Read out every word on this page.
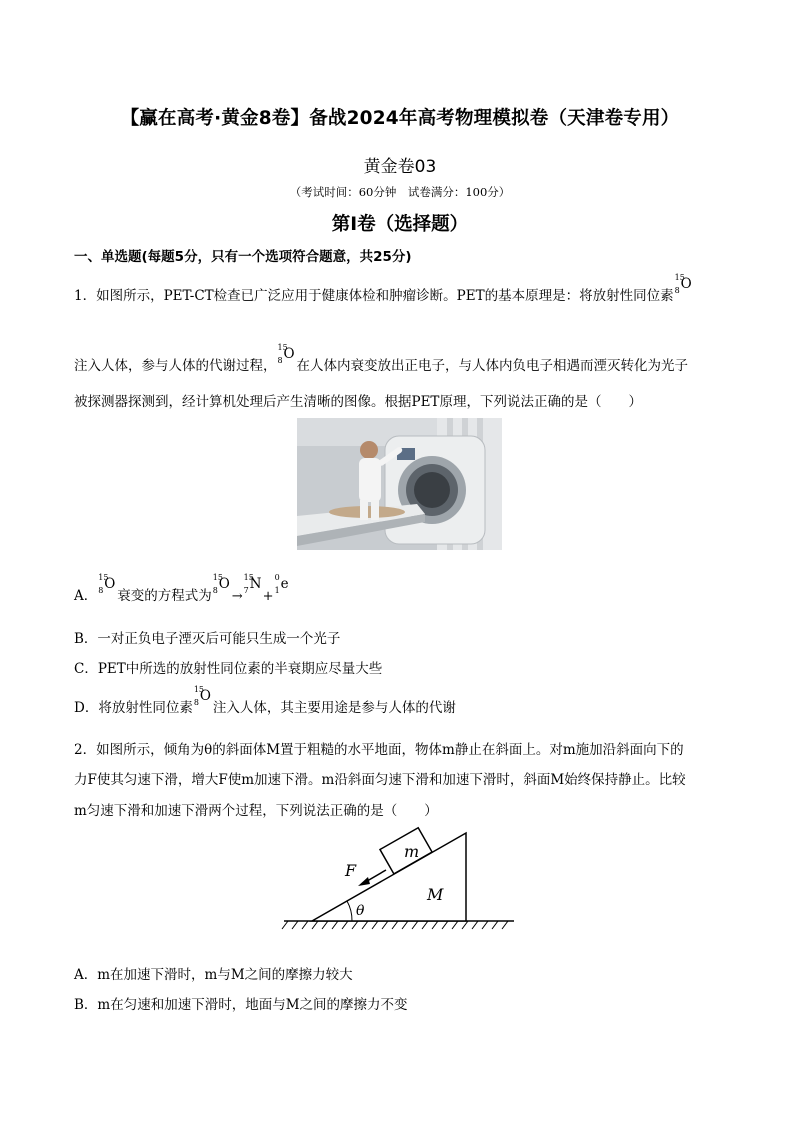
【赢在高考·黄金8卷】备战2024年高考物理模拟卷（天津卷专用）
黄金卷03
（考试时间：60分钟　试卷满分：100分）
第I卷（选择题）
一、单选题(每题5分，只有一个选项符合题意，共25分)
1．如图所示，PET-CT检查已广泛应用于健康体检和肿瘤诊断。PET的基本原理是：将放射性同位素
15
8 O
注入人体，参与人体的代谢过程，
15
8 O
在人体内衰变放出正电子，与人体内负电子相遇而湮灭转化为光子
被探测器探测到，经计算机处理后产生清晰的图像。根据PET原理，下列说法正确的是（　　）
A．
15
8 O
衰变的方程式为
15
8 O
→
15
7 N
+
0
1 e
B．一对正负电子湮灭后可能只生成一个光子
C．PET中所选的放射性同位素的半衰期应尽量大些
D．将放射性同位素
15
8 O
注入人体，其主要用途是参与人体的代谢
2．如图所示，倾角为θ的斜面体M置于粗糙的水平地面，物体m静止在斜面上。对m施加沿斜面向下的
力F使其匀速下滑，增大F使m加速下滑。m沿斜面匀速下滑和加速下滑时，斜面M始终保持静止。比较
m匀速下滑和加速下滑两个过程，下列说法正确的是（　　）
m
F
M
θ
A．m在加速下滑时，m与M之间的摩擦力较大
B．m在匀速和加速下滑时，地面与M之间的摩擦力不变
